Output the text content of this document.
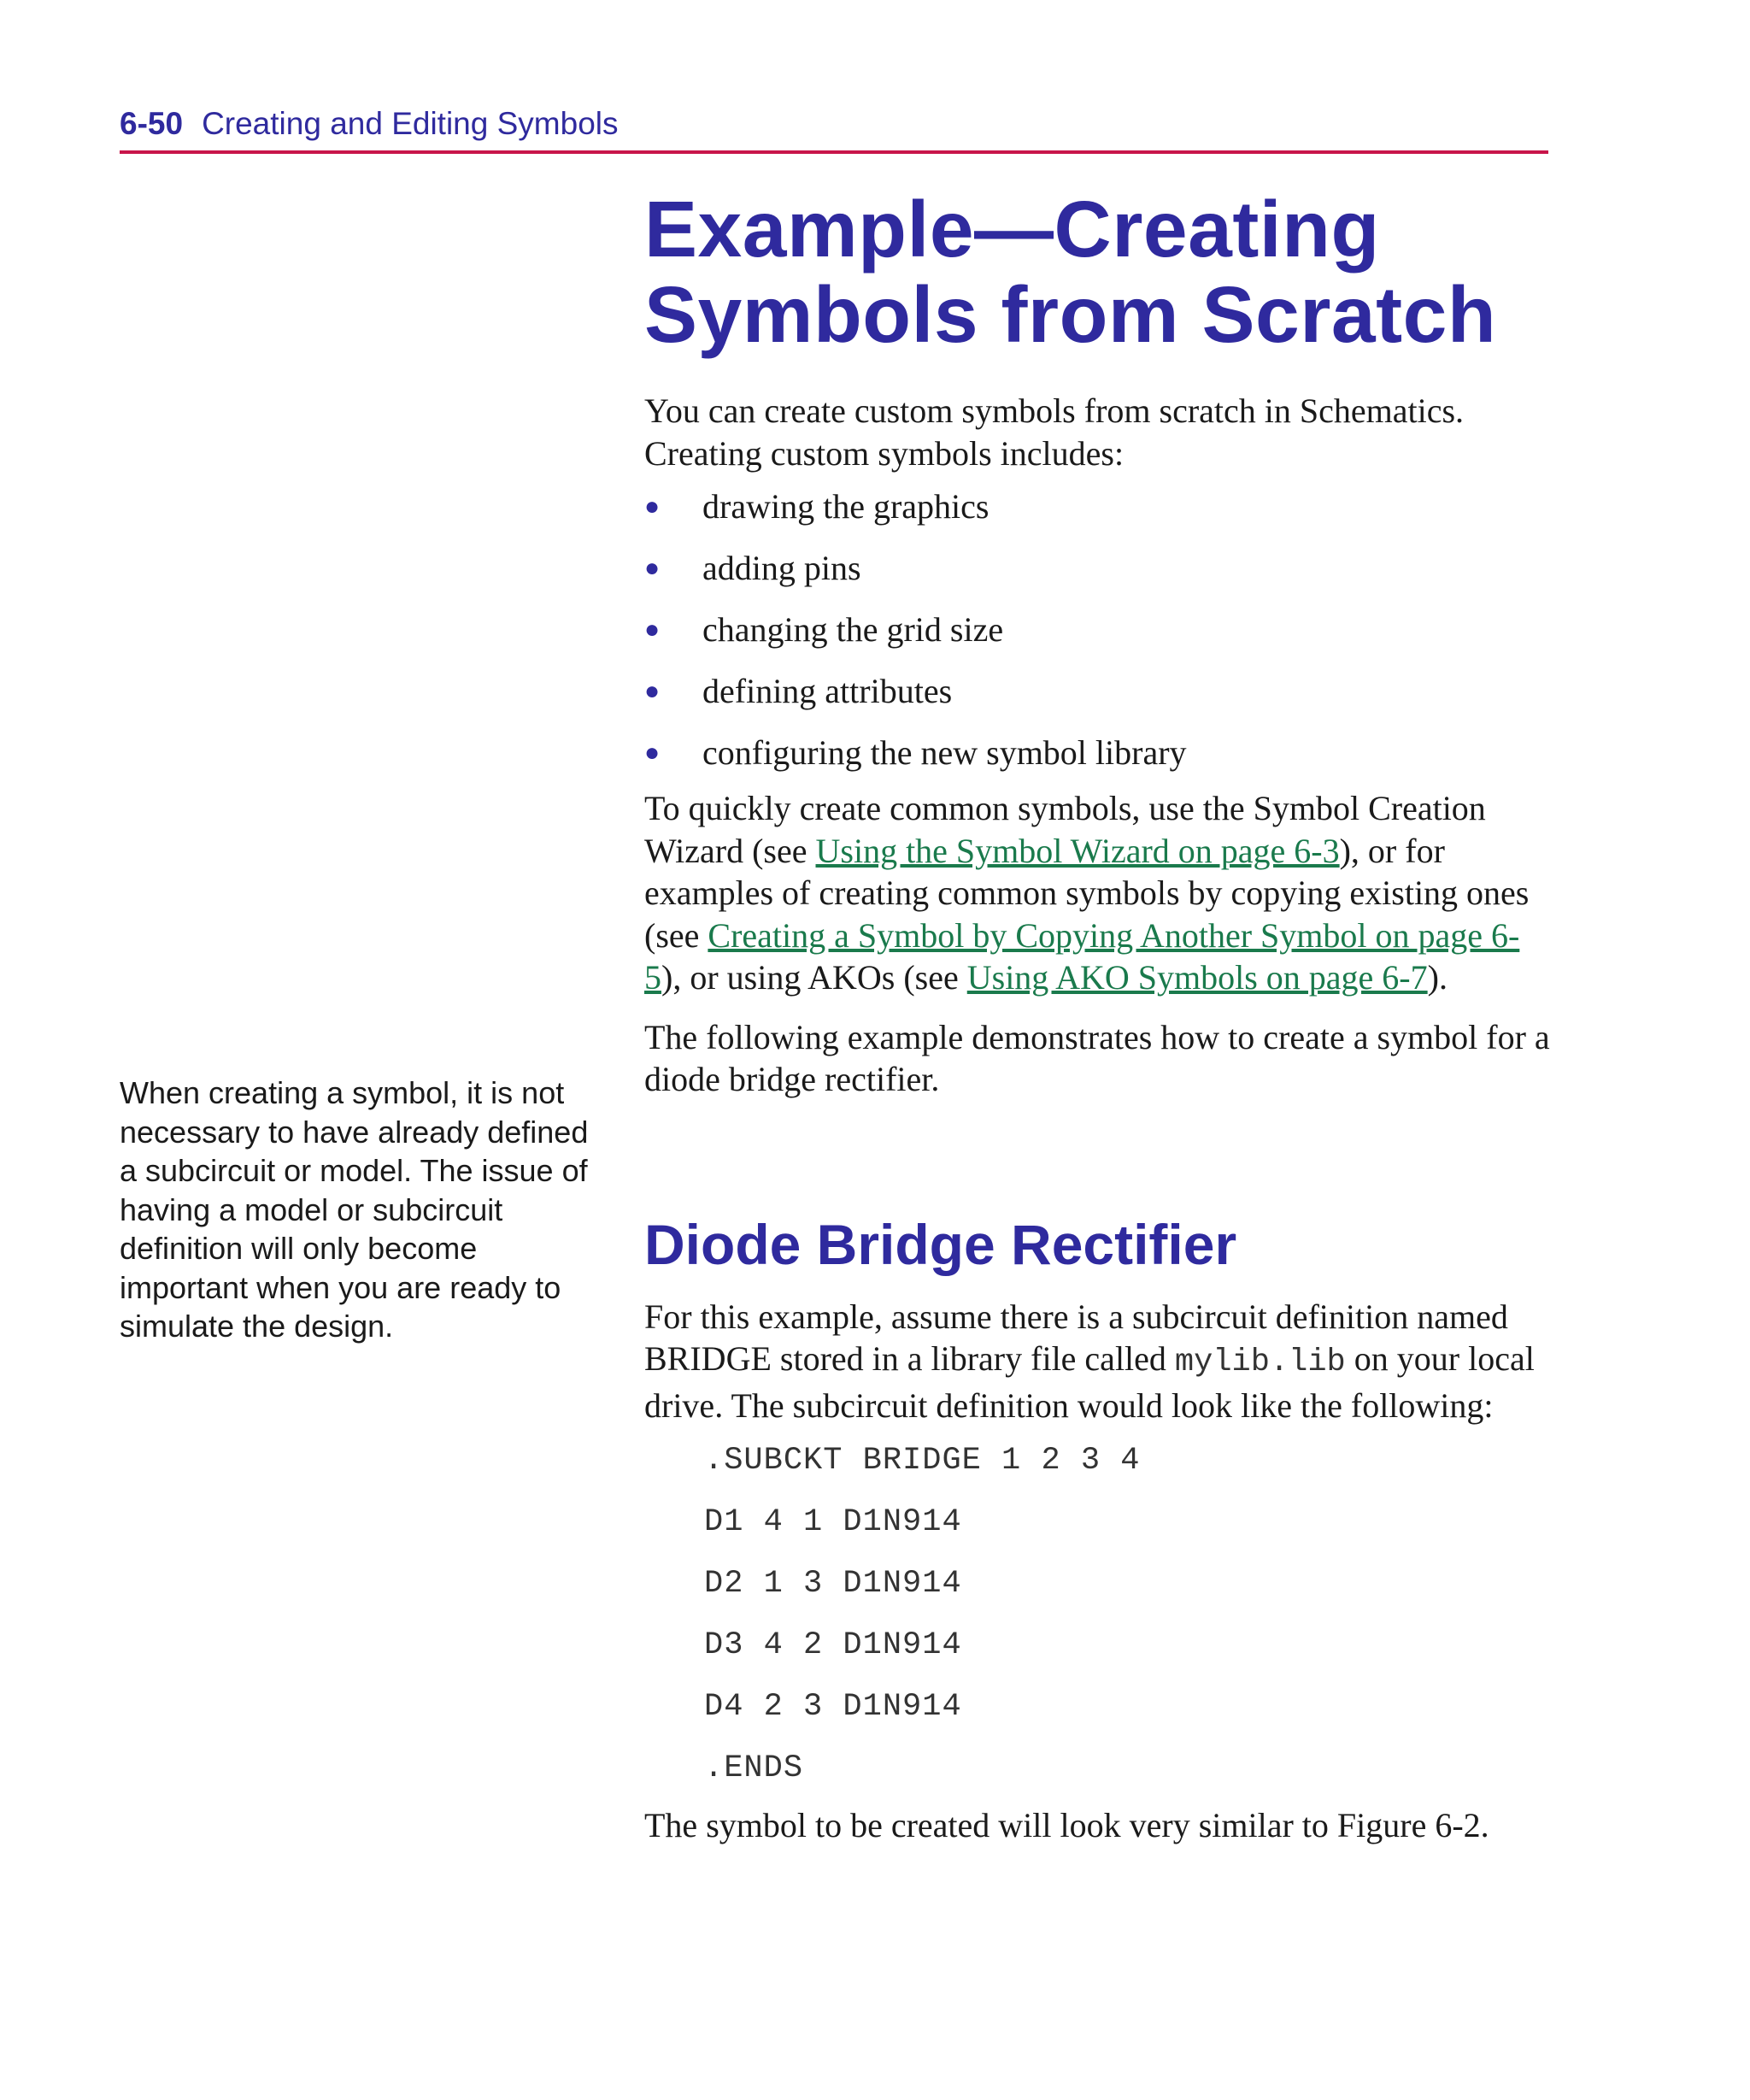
6-50 Creating and Editing Symbols
When creating a symbol, it is not necessary to have already defined a subcircuit or model. The issue of having a model or subcircuit definition will only become important when you are ready to simulate the design.
Example—Creating
Symbols from Scratch

You can create custom symbols from scratch in Schematics.
Creating custom symbols includes:

● drawing the graphics
● adding pins
● changing the grid size
● defining attributes
● configuring the new symbol library

To quickly create common symbols, use the Symbol Creation Wizard (see Using the Symbol Wizard on page 6-3), or for examples of creating common symbols by copying existing ones (see Creating a Symbol by Copying Another Symbol on page 6-5), or using AKOs (see Using AKO Symbols on page 6-7).

The following example demonstrates how to create a symbol for a diode bridge rectifier.

Diode Bridge Rectifier

For this example, assume there is a subcircuit definition named BRIDGE stored in a library file called mylib.lib on your local drive. The subcircuit definition would look like the following:

.SUBCKT BRIDGE 1 2 3 4
D1 4 1 D1N914
D2 1 3 D1N914
D3 4 2 D1N914
D4 2 3 D1N914
.ENDS

The symbol to be created will look very similar to Figure 6-2.
